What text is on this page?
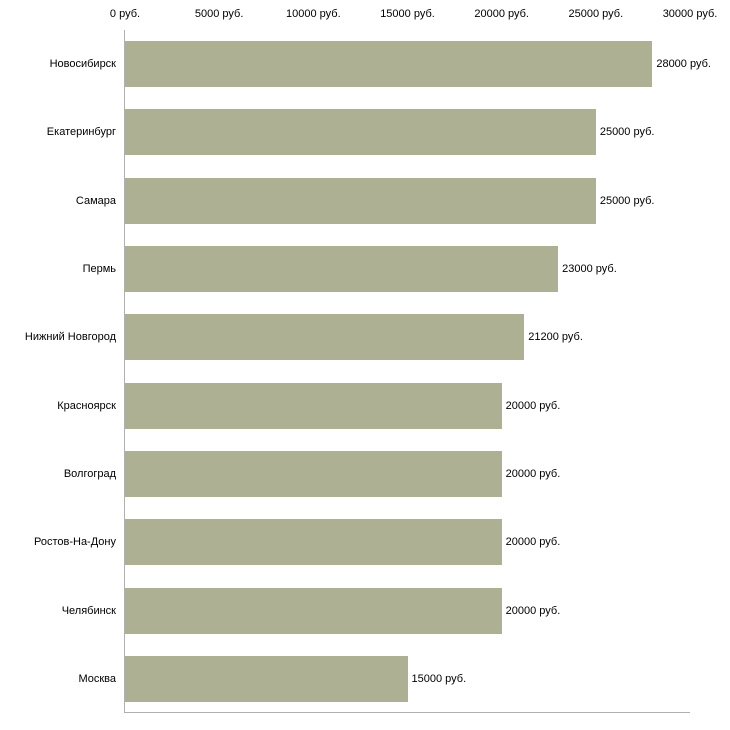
0 руб.	5000 руб.	10000 руб.	15000 руб.	20000 руб.	25000 руб.	30000 руб.
Новосибирск	28000 руб.
Екатеринбург	25000 руб.
Самара	25000 руб.
Пермь	23000 руб.
Нижний Новгород	21200 руб.
Красноярск	20000 руб.
Волгоград	20000 руб.
Ростов-На-Дону	20000 руб.
Челябинск	20000 руб.
Москва	15000 руб.
